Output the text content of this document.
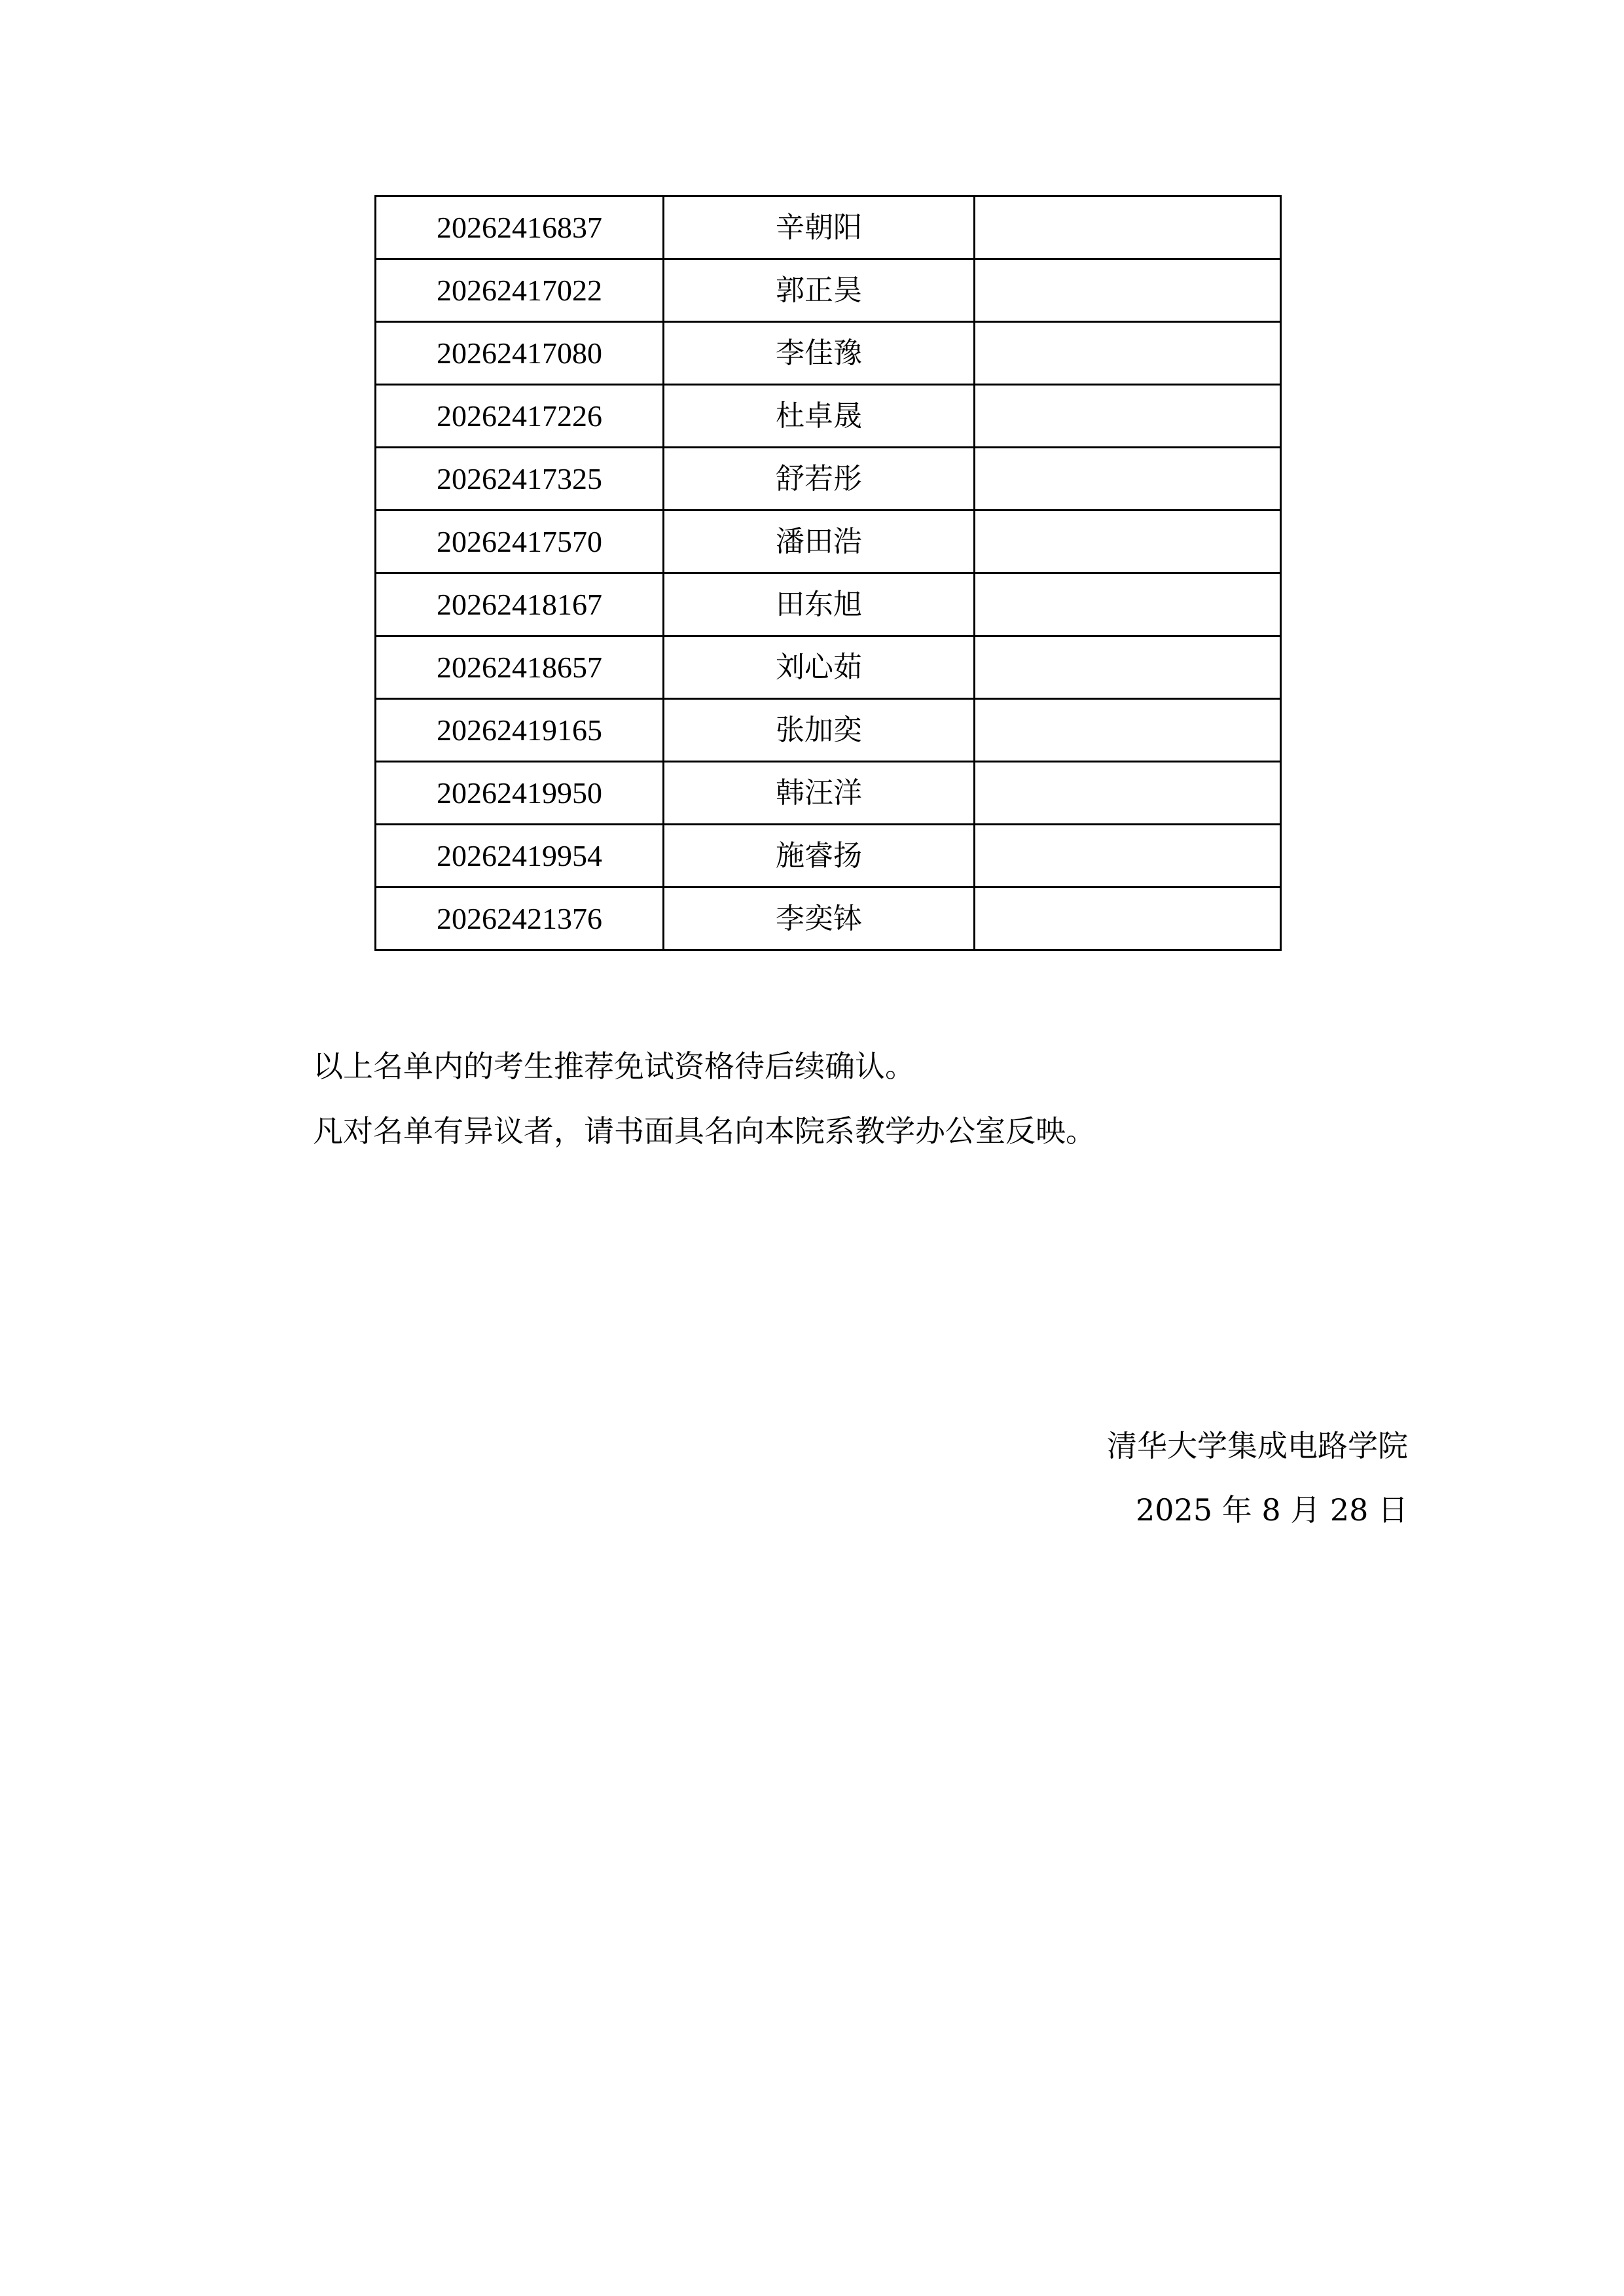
20262416837	辛朝阳	
20262417022	郭正昊	
20262417080	李佳豫	
20262417226	杜卓晟	
20262417325	舒若彤	
20262417570	潘田浩	
20262418167	田东旭	
20262418657	刘心茹	
20262419165	张加奕	
20262419950	韩汪洋	
20262419954	施睿扬	
20262421376	李奕钵	
以上名单内的考生推荐免试资格待后续确认。
凡对名单有异议者，请书面具名向本院系教学办公室反映。
清华大学集成电路学院
2025 年 8 月 28 日
